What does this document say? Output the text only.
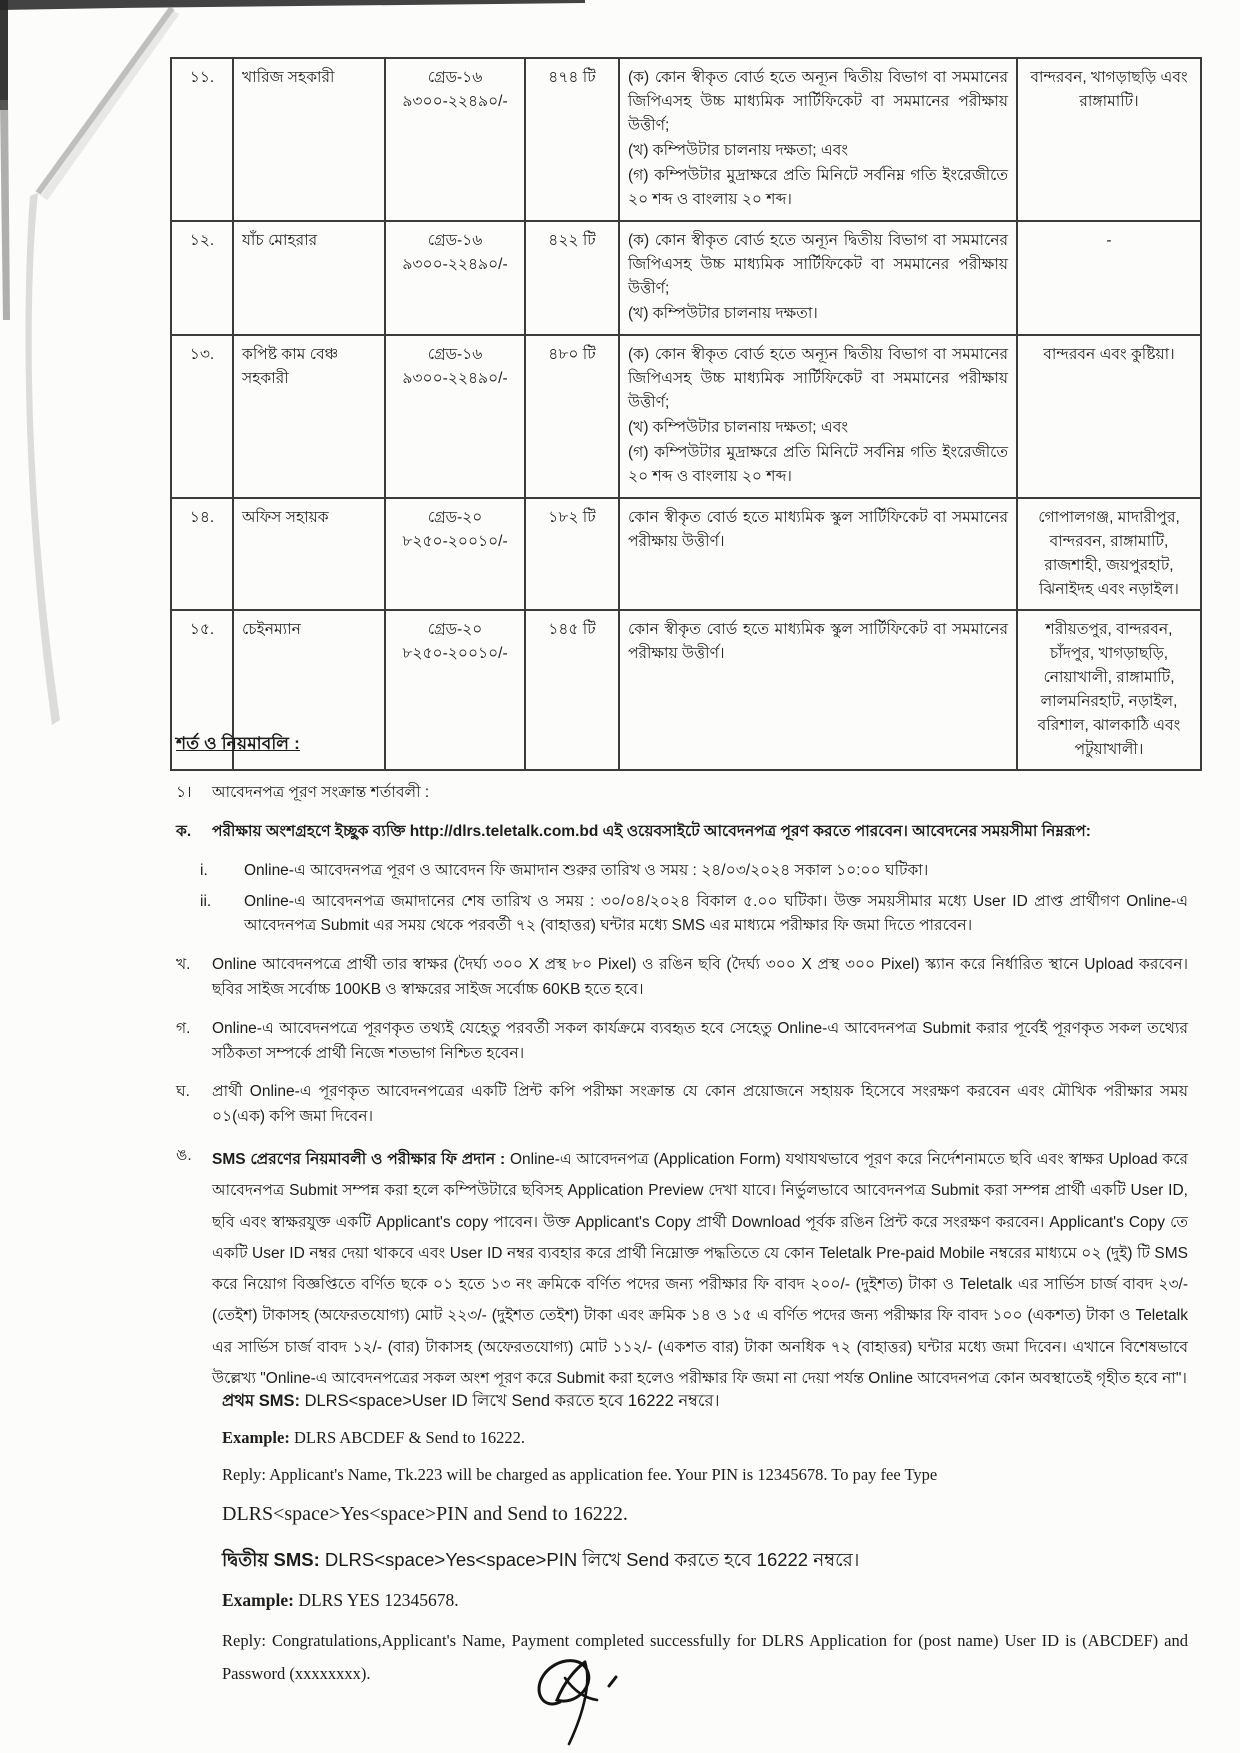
১১.	খারিজ সহকারী	গ্রেড-১৬
৯৩০০-২২৪৯০/-
	৪৭৪ টি	(ক) কোন স্বীকৃত বোর্ড হতে অন্যূন দ্বিতীয় বিভাগ বা সমমানের জিপিএসহ উচ্চ মাধ্যমিক সার্টিফিকেট বা সমমানের পরীক্ষায় উত্তীর্ণ;
(খ) কম্পিউটার চালনায় দক্ষতা; এবং
(গ) কম্পিউটার মুদ্রাক্ষরে প্রতি মিনিটে সর্বনিম্ন গতি ইংরেজীতে ২০ শব্দ ও বাংলায় ২০ শব্দ।
	বান্দরবন, খাগড়াছড়ি এবং রাঙ্গামাটি।
১২.	যাঁচ মোহরার	গ্রেড-১৬
৯৩০০-২২৪৯০/-
	৪২২ টি	(ক) কোন স্বীকৃত বোর্ড হতে অন্যূন দ্বিতীয় বিভাগ বা সমমানের জিপিএসহ উচ্চ মাধ্যমিক সার্টিফিকেট বা সমমানের পরীক্ষায় উত্তীর্ণ;
(খ) কম্পিউটার চালনায় দক্ষতা।
	-
১৩.	কপিষ্ট কাম বেঞ্চ সহকারী	
গ্রেড-১৬
৯৩০০-২২৪৯০/-
	৪৮০ টি	(ক) কোন স্বীকৃত বোর্ড হতে অন্যূন দ্বিতীয় বিভাগ বা সমমানের জিপিএসহ উচ্চ মাধ্যমিক সার্টিফিকেট বা সমমানের পরীক্ষায় উত্তীর্ণ;
(খ) কম্পিউটার চালনায় দক্ষতা; এবং
(গ) কম্পিউটার মুদ্রাক্ষরে প্রতি মিনিটে সর্বনিম্ন গতি ইংরেজীতে ২০ শব্দ ও বাংলায় ২০ শব্দ।
	বান্দরবন এবং কুষ্টিয়া।
১৪.	অফিস সহায়ক	গ্রেড-২০
৮২৫০-২০০১০/-	১৮২ টি	কোন স্বীকৃত বোর্ড হতে মাধ্যমিক স্কুল সার্টিফিকেট বা সমমানের পরীক্ষায় উত্তীর্ণ।	গোপালগঞ্জ, মাদারীপুর, বান্দরবন, রাঙ্গামাটি, রাজশাহী, জয়পুরহাট, ঝিনাইদহ এবং নড়াইল।
১৫.	চেইনম্যান	গ্রেড-২০
৮২৫০-২০০১০/-	১৪৫ টি	কোন স্বীকৃত বোর্ড হতে মাধ্যমিক স্কুল সার্টিফিকেট বা সমমানের পরীক্ষায় উত্তীর্ণ।	শরীয়তপুর, বান্দরবন, চাঁদপুর, খাগড়াছড়ি, নোয়াখালী, রাঙ্গামাটি, লালমনিরহাট, নড়াইল, বরিশাল, ঝালকাঠি এবং পটুয়াখালী।
শর্ত ও নিয়মাবলি :
১।	আবেদনপত্র পূরণ সংক্রান্ত শর্তাবলী :
ক.	পরীক্ষায় অংশগ্রহণে ইচ্ছুক ব্যক্তি http://dlrs.teletalk.com.bd এই ওয়েবসাইটে আবেদনপত্র পূরণ করতে পারবেন। আবেদনের সময়সীমা নিম্নরূপ:
i.	Online-এ আবেদনপত্র পূরণ ও আবেদন ফি জমাদান শুরুর তারিখ ও সময় : ২৪/০৩/২০২৪ সকাল ১০:০০ ঘটিকা।
ii.	Online-এ আবেদনপত্র জমাদানের শেষ তারিখ ও সময় : ৩০/০৪/২০২৪ বিকাল ৫.০০ ঘটিকা। উক্ত সময়সীমার মধ্যে User ID প্রাপ্ত প্রার্থীগণ Online-এ আবেদনপত্র Submit এর সময় থেকে পরবর্তী ৭২ (বাহাত্তর) ঘন্টার মধ্যে SMS এর মাধ্যমে পরীক্ষার ফি জমা দিতে পারবেন।
খ.	Online আবেদনপত্রে প্রার্থী তার স্বাক্ষর (দৈর্ঘ্য ৩০০ X প্রস্থ ৮০ Pixel) ও রঙিন ছবি (দৈর্ঘ্য ৩০০ X প্রস্থ ৩০০ Pixel) স্ক্যান করে নির্ধারিত স্থানে Upload করবেন। ছবির সাইজ সর্বোচ্চ 100KB ও স্বাক্ষরের সাইজ সর্বোচ্চ 60KB হতে হবে।
গ.	Online-এ আবেদনপত্রে পূরণকৃত তথ্যই যেহেতু পরবর্তী সকল কার্যক্রমে ব্যবহৃত হবে সেহেতু Online-এ আবেদনপত্র Submit করার পূর্বেই পূরণকৃত সকল তথ্যের সঠিকতা সম্পর্কে প্রার্থী নিজে শতভাগ নিশ্চিত হবেন।
ঘ.	প্রার্থী Online-এ পূরণকৃত আবেদনপত্রের একটি প্রিন্ট কপি পরীক্ষা সংক্রান্ত যে কোন প্রয়োজনে সহায়ক হিসেবে সংরক্ষণ করবেন এবং মৌখিক পরীক্ষার সময় ০১(এক) কপি জমা দিবেন।
ঙ.	SMS প্রেরণের নিয়মাবলী ও পরীক্ষার ফি প্রদান : Online-এ আবেদনপত্র (Application Form) যথাযথভাবে পূরণ করে নির্দেশনামতে ছবি এবং স্বাক্ষর Upload করে আবেদনপত্র Submit সম্পন্ন করা হলে কম্পিউটারে ছবিসহ Application Preview দেখা যাবে। নির্ভুলভাবে আবেদনপত্র Submit করা সম্পন্ন প্রার্থী একটি User ID, ছবি এবং স্বাক্ষরযুক্ত একটি Applicant's copy পাবেন। উক্ত Applicant's Copy প্রার্থী Download পূর্বক রঙিন প্রিন্ট করে সংরক্ষণ করবেন। Applicant's Copy তে একটি User ID নম্বর দেয়া থাকবে এবং User ID নম্বর ব্যবহার করে প্রার্থী নিম্নোক্ত পদ্ধতিতে যে কোন Teletalk Pre-paid Mobile নম্বরের মাধ্যমে ০২ (দুই) টি SMS করে নিয়োগ বিজ্ঞপ্তিতে বর্ণিত ছকে ০১ হতে ১৩ নং ক্রমিকে বর্ণিত পদের জন্য পরীক্ষার ফি বাবদ ২০০/- (দুইশত) টাকা ও Teletalk এর সার্ভিস চার্জ বাবদ ২৩/- (তেইশ) টাকাসহ (অফেরতযোগ্য) মোট ২২৩/- (দুইশত তেইশ) টাকা এবং ক্রমিক ১৪ ও ১৫ এ বর্ণিত পদের জন্য পরীক্ষার ফি বাবদ ১০০ (একশত) টাকা ও Teletalk এর সার্ভিস চার্জ বাবদ ১২/- (বার) টাকাসহ (অফেরতযোগ্য) মোট ১১২/- (একশত বার) টাকা অনধিক ৭২ (বাহাত্তর) ঘন্টার মধ্যে জমা দিবেন। এখানে বিশেষভাবে উল্লেখ্য "Online-এ আবেদনপত্রের সকল অংশ পূরণ করে Submit করা হলেও পরীক্ষার ফি জমা না দেয়া পর্যন্ত Online আবেদনপত্র কোন অবস্থাতেই গৃহীত হবে না"।
প্রথম SMS: DLRS<space>User ID লিখে Send করতে হবে 16222 নম্বরে।
Example: DLRS ABCDEF & Send to 16222.
Reply: Applicant's Name, Tk.223 will be charged as application fee. Your PIN is 12345678. To pay fee Type
DLRS<space>Yes<space>PIN and Send to 16222.
দ্বিতীয় SMS: DLRS<space>Yes<space>PIN লিখে Send করতে হবে 16222 নম্বরে।
Example: DLRS YES 12345678.
Reply: Congratulations,Applicant's Name, Payment completed successfully for DLRS Application for (post name) User ID is (ABCDEF) and Password (xxxxxxxx).
